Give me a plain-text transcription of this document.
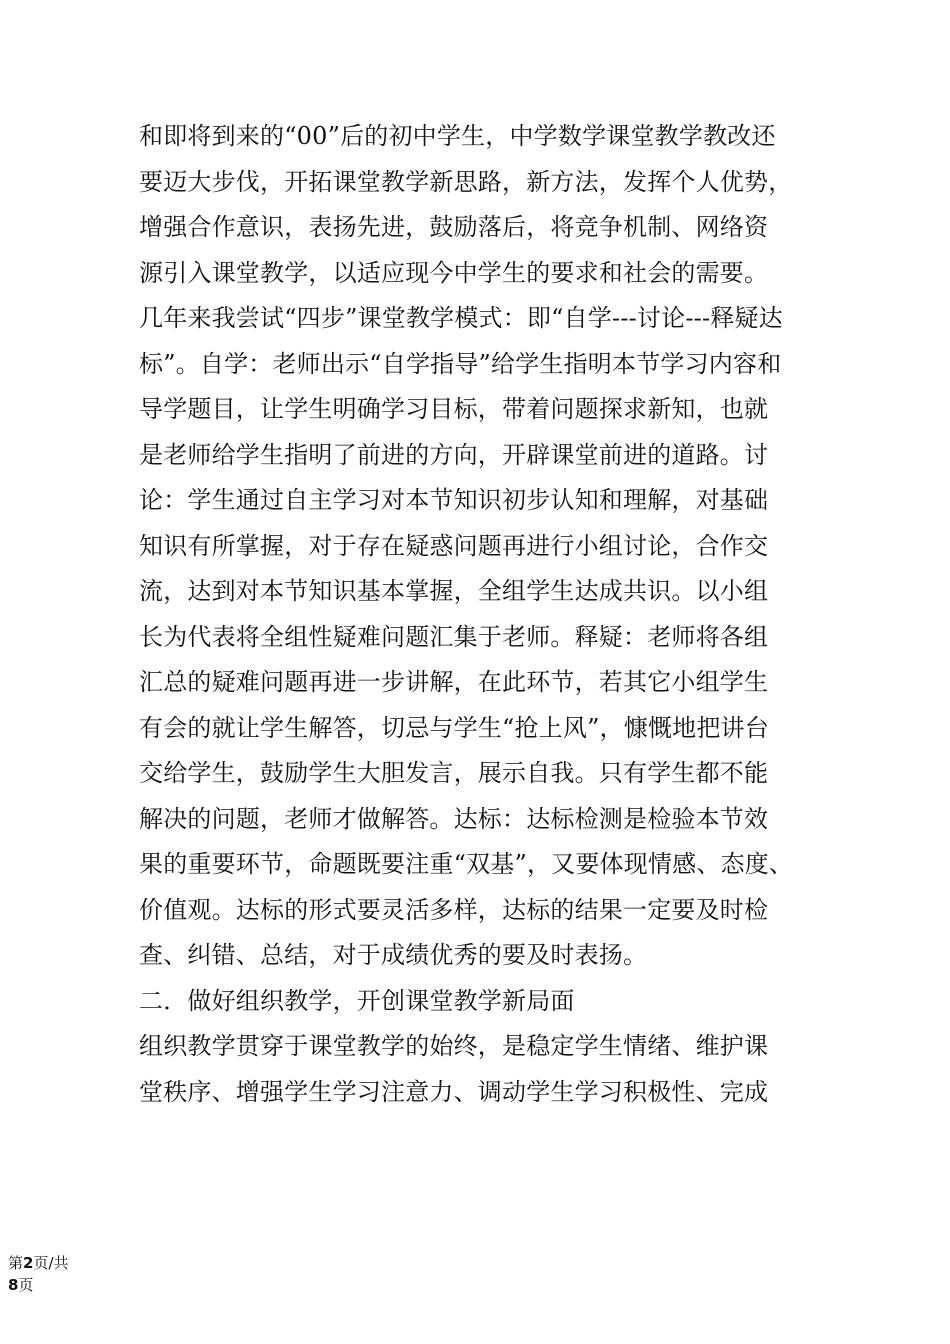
和即将到来的“00”后的初中学生，中学数学课堂教学教改还
要迈大步伐，开拓课堂教学新思路，新方法，发挥个人优势，
增强合作意识，表扬先进，鼓励落后，将竞争机制、网络资
源引入课堂教学，以适应现今中学生的要求和社会的需要。
几年来我尝试“四步”课堂教学模式：即“自学---讨论---释疑达
标”。自学：老师出示“自学指导”给学生指明本节学习内容和
导学题目，让学生明确学习目标，带着问题探求新知，也就
是老师给学生指明了前进的方向，开辟课堂前进的道路。讨
论：学生通过自主学习对本节知识初步认知和理解，对基础
知识有所掌握，对于存在疑惑问题再进行小组讨论，合作交
流，达到对本节知识基本掌握，全组学生达成共识。以小组
长为代表将全组性疑难问题汇集于老师。释疑：老师将各组
汇总的疑难问题再进一步讲解，在此环节，若其它小组学生
有会的就让学生解答，切忌与学生“抢上风”，慷慨地把讲台
交给学生，鼓励学生大胆发言，展示自我。只有学生都不能
解决的问题，老师才做解答。达标：达标检测是检验本节效
果的重要环节，命题既要注重“双基”，又要体现情感、态度、
价值观。达标的形式要灵活多样，达标的结果一定要及时检
查、纠错、总结，对于成绩优秀的要及时表扬。
二．做好组织教学，开创课堂教学新局面
组织教学贯穿于课堂教学的始终，是稳定学生情绪、维护课
堂秩序、增强学生学习注意力、调动学生学习积极性、完成
第2页/共
8页
